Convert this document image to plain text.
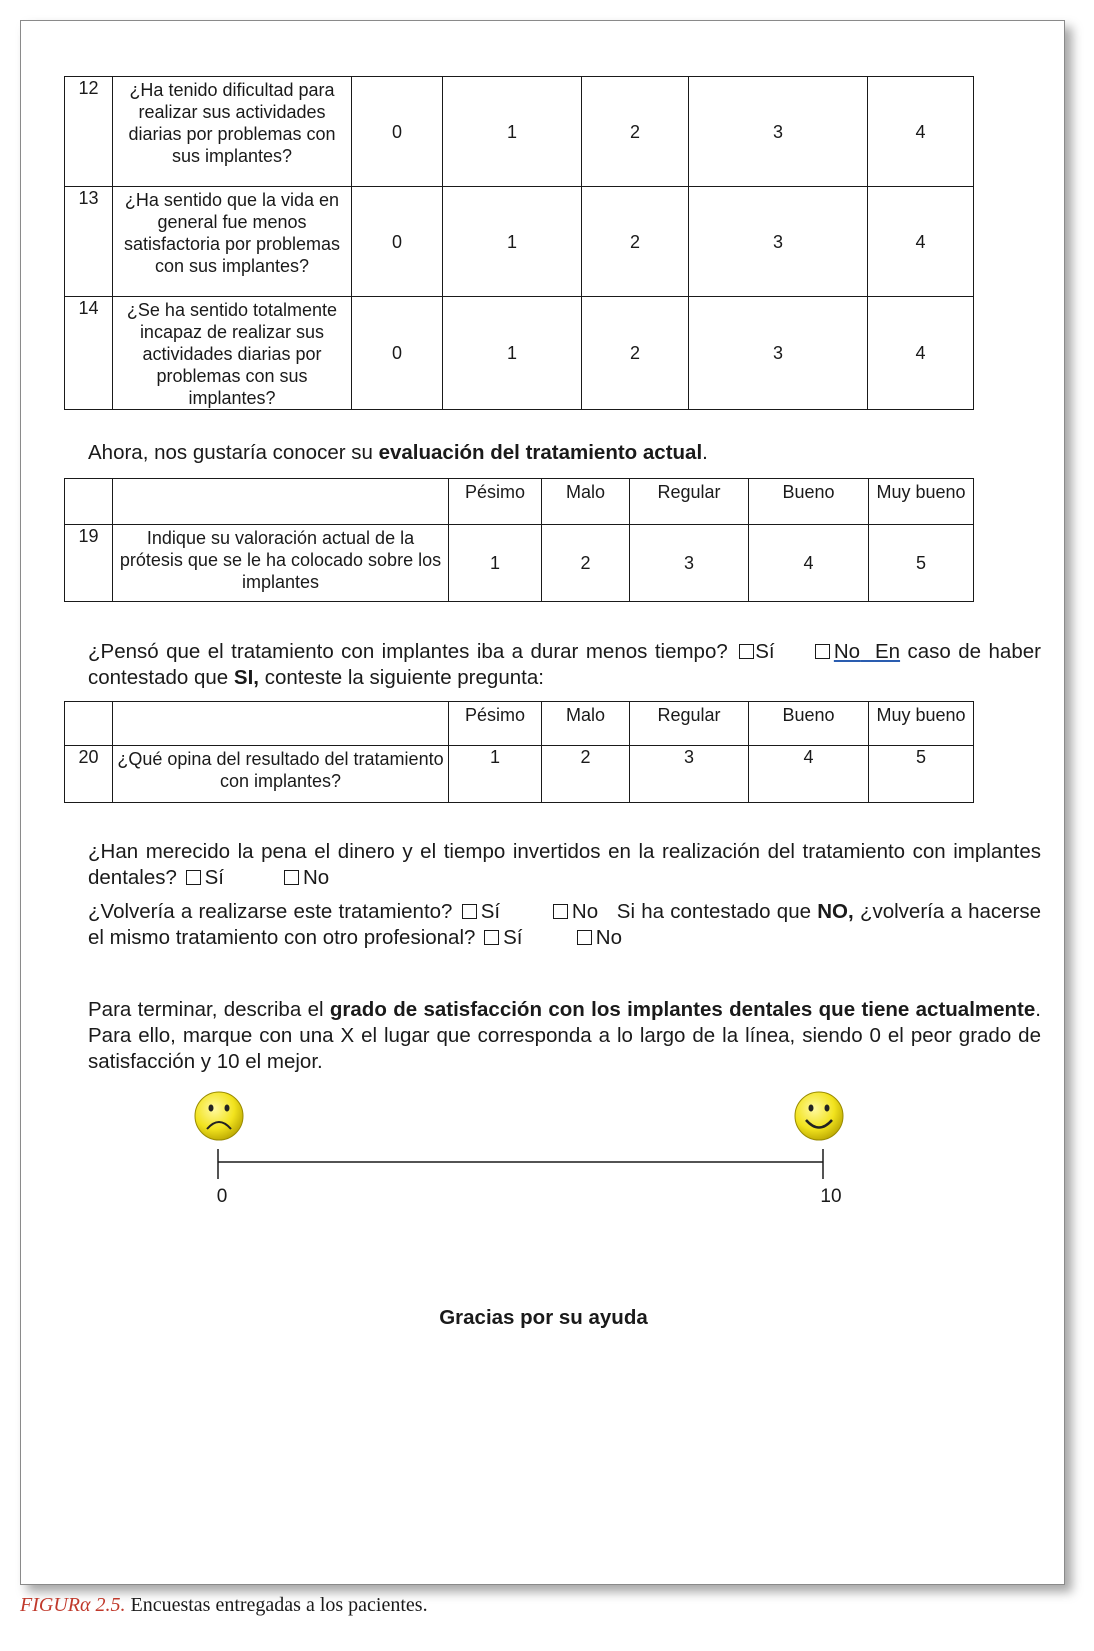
12	¿Ha tenido dificultad para realizar sus actividades diarias por problemas con sus implantes?	0	1	2	3	4
13	¿Ha sentido que la vida en general fue menos satisfactoria por problemas con sus implantes?	0	1	2	3	4
14	¿Se ha sentido totalmente incapaz de realizar sus actividades diarias por problemas con sus implantes?	0	1	2	3	4
Ahora, nos gustaría conocer su evaluación del tratamiento actual.
		Pésimo	Malo	Regular	Bueno	Muy bueno
19	Indique su valoración actual de la prótesis que se le ha colocado sobre los implantes	1	2	3	4	5
¿Pensó que el tratamiento con implantes iba a durar menos tiempo? Sí	No En caso de haber contestado que SI, conteste la siguiente pregunta:
		Pésimo	Malo	Regular	Bueno	Muy bueno
20	¿Qué opina del resultado del tratamiento con implantes?	1	2	3	4	5
¿Han merecido la pena el dinero y el tiempo invertidos en la realización del tratamiento con implantes dentales? Sí	No
¿Volvería a realizarse este tratamiento? Sí	No Si ha contestado que NO, ¿volvería a hacerse el mismo tratamiento con otro profesional? Sí	No
Para terminar, describa el grado de satisfacción con los implantes dentales que tiene actualmente. Para ello, marque con una X el lugar que corresponda a lo largo de la línea, siendo 0 el peor grado de satisfacción y 10 el mejor.
0	10
Gracias por su ayuda
FIGURα 2.5. Encuestas entregadas a los pacientes.
